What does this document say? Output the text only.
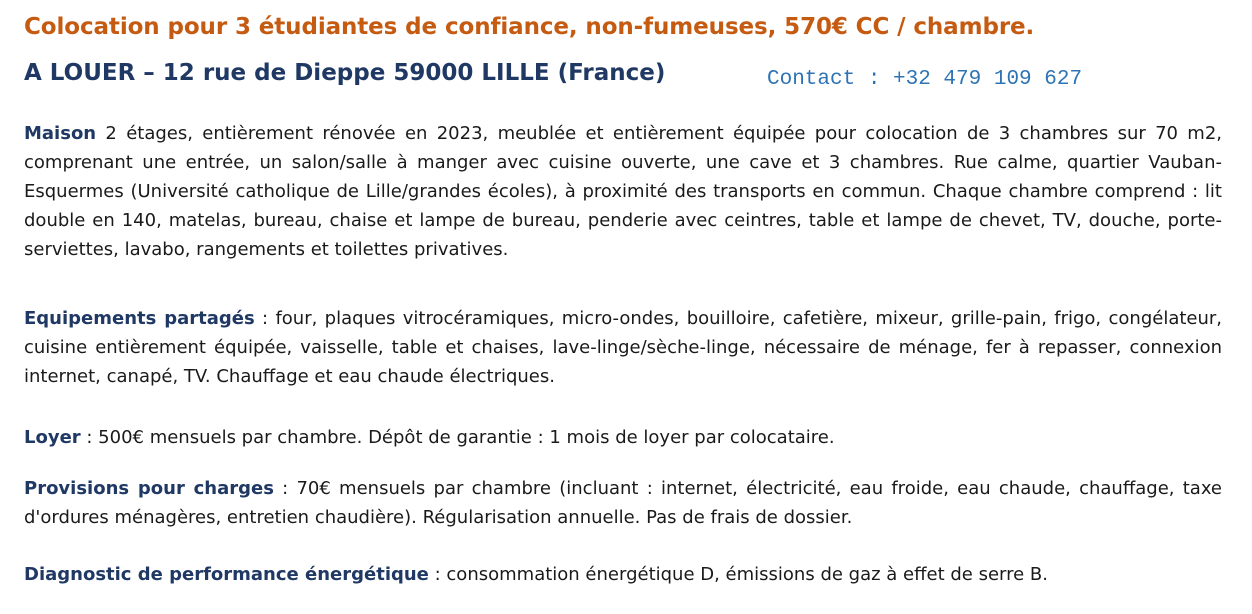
Colocation pour 3 étudiantes de confiance, non-fumeuses, 570€ CC / chambre.
A LOUER – 12 rue de Dieppe 59000 LILLE (France)	Contact : +32 479 109 627

Maison 2 étages, entièrement rénovée en 2023, meublée et entièrement équipée pour colocation de 3 chambres sur 70 m2, comprenant une entrée, un salon/salle à manger avec cuisine ouverte, une cave et 3 chambres. Rue calme, quartier Vauban-Esquermes (Université catholique de Lille/grandes écoles), à proximité des transports en commun. Chaque chambre comprend : lit double en 140, matelas, bureau, chaise et lampe de bureau, penderie avec ceintres, table et lampe de chevet, TV, douche, porte-serviettes, lavabo, rangements et toilettes privatives.

Equipements partagés : four, plaques vitrocéramiques, micro-ondes, bouilloire, cafetière, mixeur, grille-pain, frigo, congélateur, cuisine entièrement équipée, vaisselle, table et chaises, lave-linge/sèche-linge, nécessaire de ménage, fer à repasser, connexion internet, canapé, TV. Chauffage et eau chaude électriques.

Loyer : 500€ mensuels par chambre. Dépôt de garantie : 1 mois de loyer par colocataire.

Provisions pour charges : 70€ mensuels par chambre (incluant : internet, électricité, eau froide, eau chaude, chauffage, taxe d'ordures ménagères, entretien chaudière). Régularisation annuelle. Pas de frais de dossier.

Diagnostic de performance énergétique : consommation énergétique D, émissions de gaz à effet de serre B.
